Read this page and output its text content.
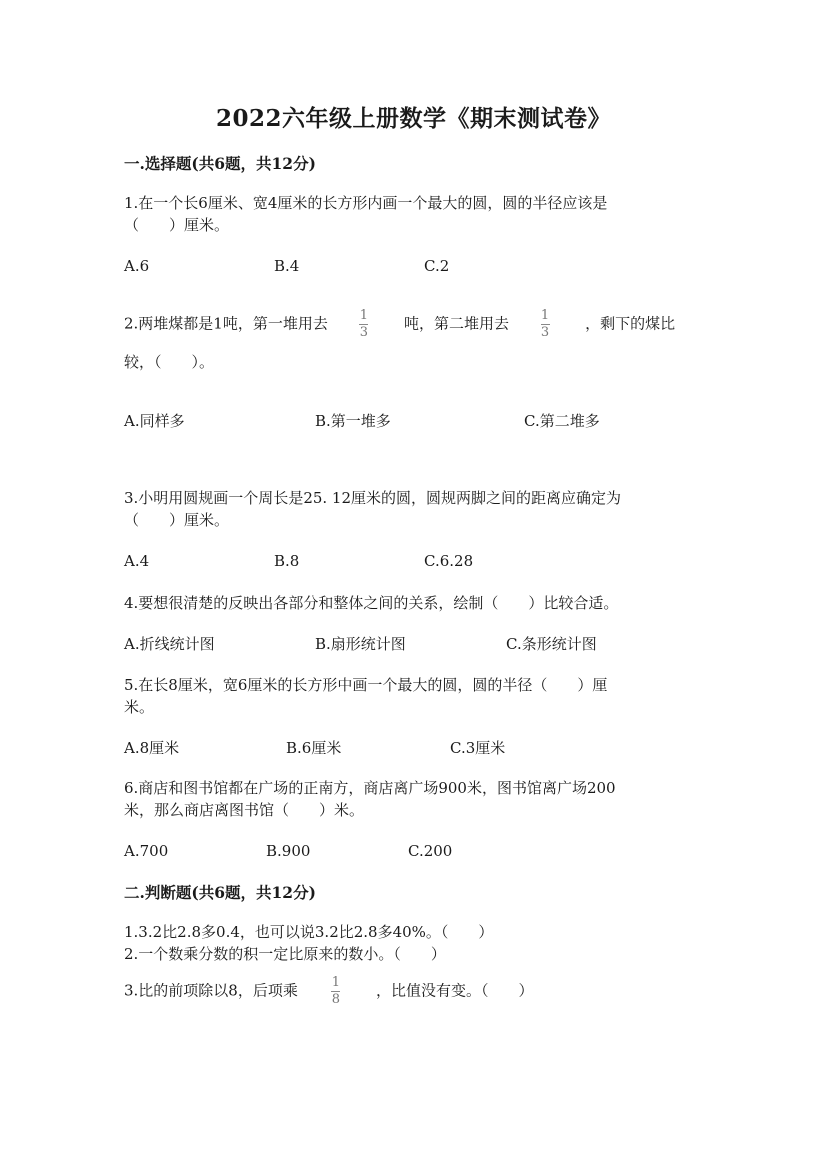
2022六年级上册数学《期末测试卷》
一.选择题(共6题，共12分)
1.在一个长6厘米、宽4厘米的长方形内画一个最大的圆，圆的半径应该是
（　　）厘米。
A.6	B.4	C.2
2.两堆煤都是1吨，第一堆用去 $\frac{1}{3}$ 吨，第二堆用去 $\frac{1}{3}$ ，剩下的煤比
较，（　　）。
A.同样多	B.第一堆多	C.第二堆多
3.小明用圆规画一个周长是25. 12厘米的圆，圆规两脚之间的距离应确定为
（　　）厘米。
A.4	B.8	C.6.28
4.要想很清楚的反映出各部分和整体之间的关系，绘制（　　）比较合适。
A.折线统计图	B.扇形统计图	C.条形统计图
5.在长8厘米，宽6厘米的长方形中画一个最大的圆，圆的半径（　　）厘
米。
A.8厘米	B.6厘米	C.3厘米
6.商店和图书馆都在广场的正南方，商店离广场900米，图书馆离广场200
米，那么商店离图书馆（　　）米。
A.700	B.900	C.200
二.判断题(共6题，共12分)
1.3.2比2.8多0.4，也可以说3.2比2.8多40%。（　　）
2.一个数乘分数的积一定比原来的数小。（　　）
3.比的前项除以8，后项乘	$\frac{1}{8}$ ，比值没有变。（　　）
